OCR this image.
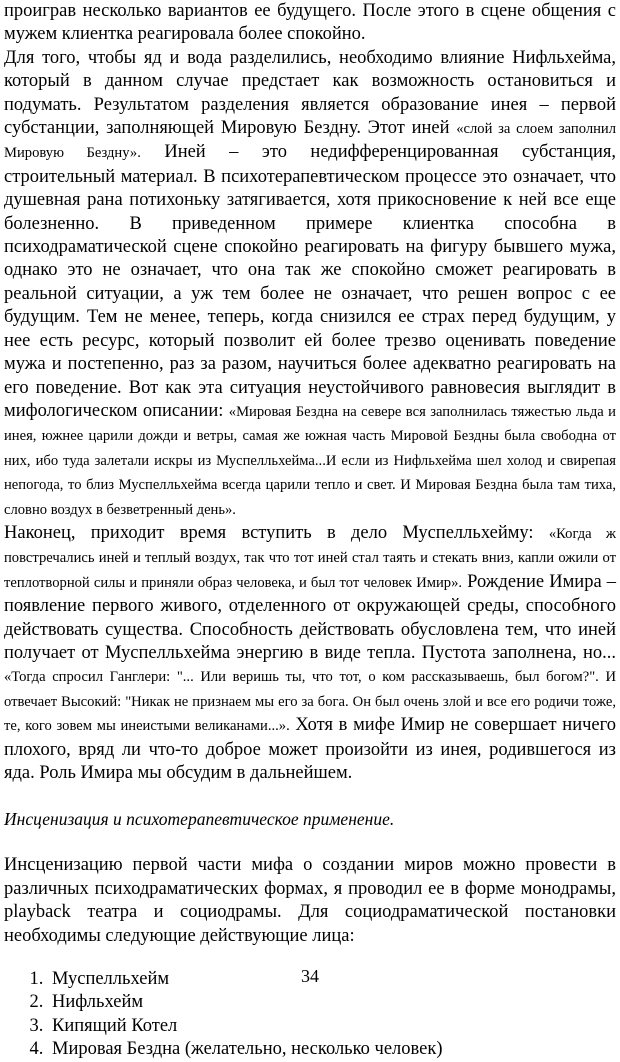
проиграв несколько вариантов ее будущего. После этого в сцене общения с мужем клиентка реагировала более спокойно.

Для того, чтобы яд и вода разделились, необходимо влияние Нифльхейма, который в данном случае предстает как возможность остановиться и подумать. Результатом разделения является образование инея – первой субстанции, заполняющей Мировую Бездну. Этот иней «слой за слоем заполнил Мировую Бездну». Иней – это недифференцированная субстанция, строительный материал. В психотерапевтическом процессе это означает, что душевная рана потихоньку затягивается, хотя прикосновение к ней все еще болезненно. В приведенном примере клиентка способна в психодраматической сцене спокойно реагировать на фигуру бывшего мужа, однако это не означает, что она так же спокойно сможет реагировать в реальной ситуации, а уж тем более не означает, что решен вопрос с ее будущим. Тем не менее, теперь, когда снизился ее страх перед будущим, у нее есть ресурс, который позволит ей более трезво оценивать поведение мужа и постепенно, раз за разом, научиться более адекватно реагировать на его поведение. Вот как эта ситуация неустойчивого равновесия выглядит в мифологическом описании: «Мировая Бездна на севере вся заполнилась тяжестью льда и инея, южнее царили дожди и ветры, самая же южная часть Мировой Бездны была свободна от них, ибо туда залетали искры из Муспелльхейма...И если из Нифльхейма шел холод и свирепая непогода, то близ Муспелльхейма всегда царили тепло и свет. И Мировая Бездна была там тиха, словно воздух в безветренный день».

Наконец, приходит время вступить в дело Муспелльхейму: «Когда ж повстречались иней и теплый воздух, так что тот иней стал таять и стекать вниз, капли ожили от теплотворной силы и приняли образ человека, и был тот человек Имир». Рождение Имира – появление первого живого, отделенного от окружающей среды, способного действовать существа. Способность действовать обусловлена тем, что иней получает от Муспелльхейма энергию в виде тепла. Пустота заполнена, но... «Тогда спросил Ганглери: "... Или веришь ты, что тот, о ком рассказываешь, был богом?". И отвечает Высокий: "Никак не признаем мы его за бога. Он был очень злой и все его родичи тоже, те, кого зовем мы инеистыми великанами...». Хотя в мифе Имир не совершает ничего плохого, вряд ли что-то доброе может произойти из инея, родившегося из яда. Роль Имира мы обсудим в дальнейшем.

Инсценизация и психотерапевтическое применение.

Инсценизацию первой части мифа о создании миров можно провести в различных психодраматических формах, я проводил ее в форме монодрамы, playback театра и социодрамы. Для социодраматической постановки необходимы следующие действующие лица:

1. Муспелльхейм
2. Нифльхейм
3. Кипящий Котел
4. Мировая Бездна (желательно, несколько человек)
34
